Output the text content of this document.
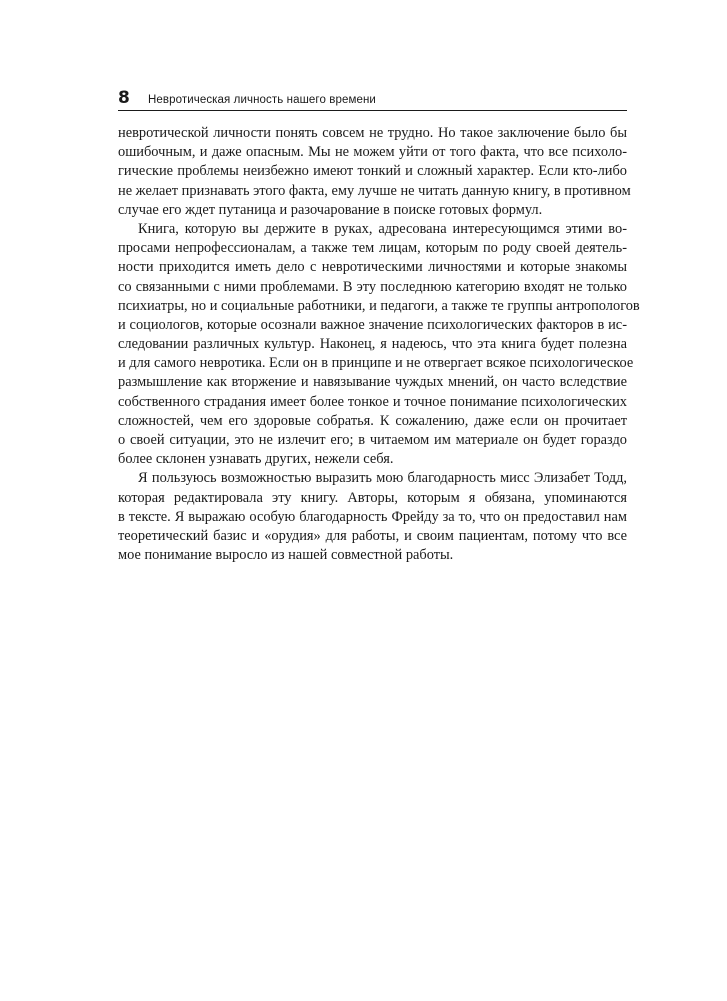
8	Невротическая личность нашего времени
невротической личности понять совсем не трудно. Но такое заключение было бы
ошибочным, и даже опасным. Мы не можем уйти от того факта, что все психоло-
гические проблемы неизбежно имеют тонкий и сложный характер. Если кто-либо
не желает признавать этого факта, ему лучше не читать данную книгу, в противном
случае его ждет путаница и разочарование в поиске готовых формул.
Книга, которую вы держите в руках, адресована интересующимся этими во-
просами непрофессионалам, а также тем лицам, которым по роду своей деятель-
ности приходится иметь дело с невротическими личностями и которые знакомы
со связанными с ними проблемами. В эту последнюю категорию входят не только
психиатры, но и социальные работники, и педагоги, а также те группы антропологов
и социологов, которые осознали важное значение психологических факторов в ис-
следовании различных культур. Наконец, я надеюсь, что эта книга будет полезна
и для самого невротика. Если он в принципе и не отвергает всякое психологическое
размышление как вторжение и навязывание чуждых мнений, он часто вследствие
собственного страдания имеет более тонкое и точное понимание психологических
сложностей, чем его здоровые собратья. К сожалению, даже если он прочитает
о своей ситуации, это не излечит его; в читаемом им материале он будет гораздо
более склонен узнавать других, нежели себя.
Я пользуюсь возможностью выразить мою благодарность мисс Элизабет Тодд,
которая редактировала эту книгу. Авторы, которым я обязана, упоминаются
в тексте. Я выражаю особую благодарность Фрейду за то, что он предоставил нам
теоретический базис и «орудия» для работы, и своим пациентам, потому что все
мое понимание выросло из нашей совместной работы.
